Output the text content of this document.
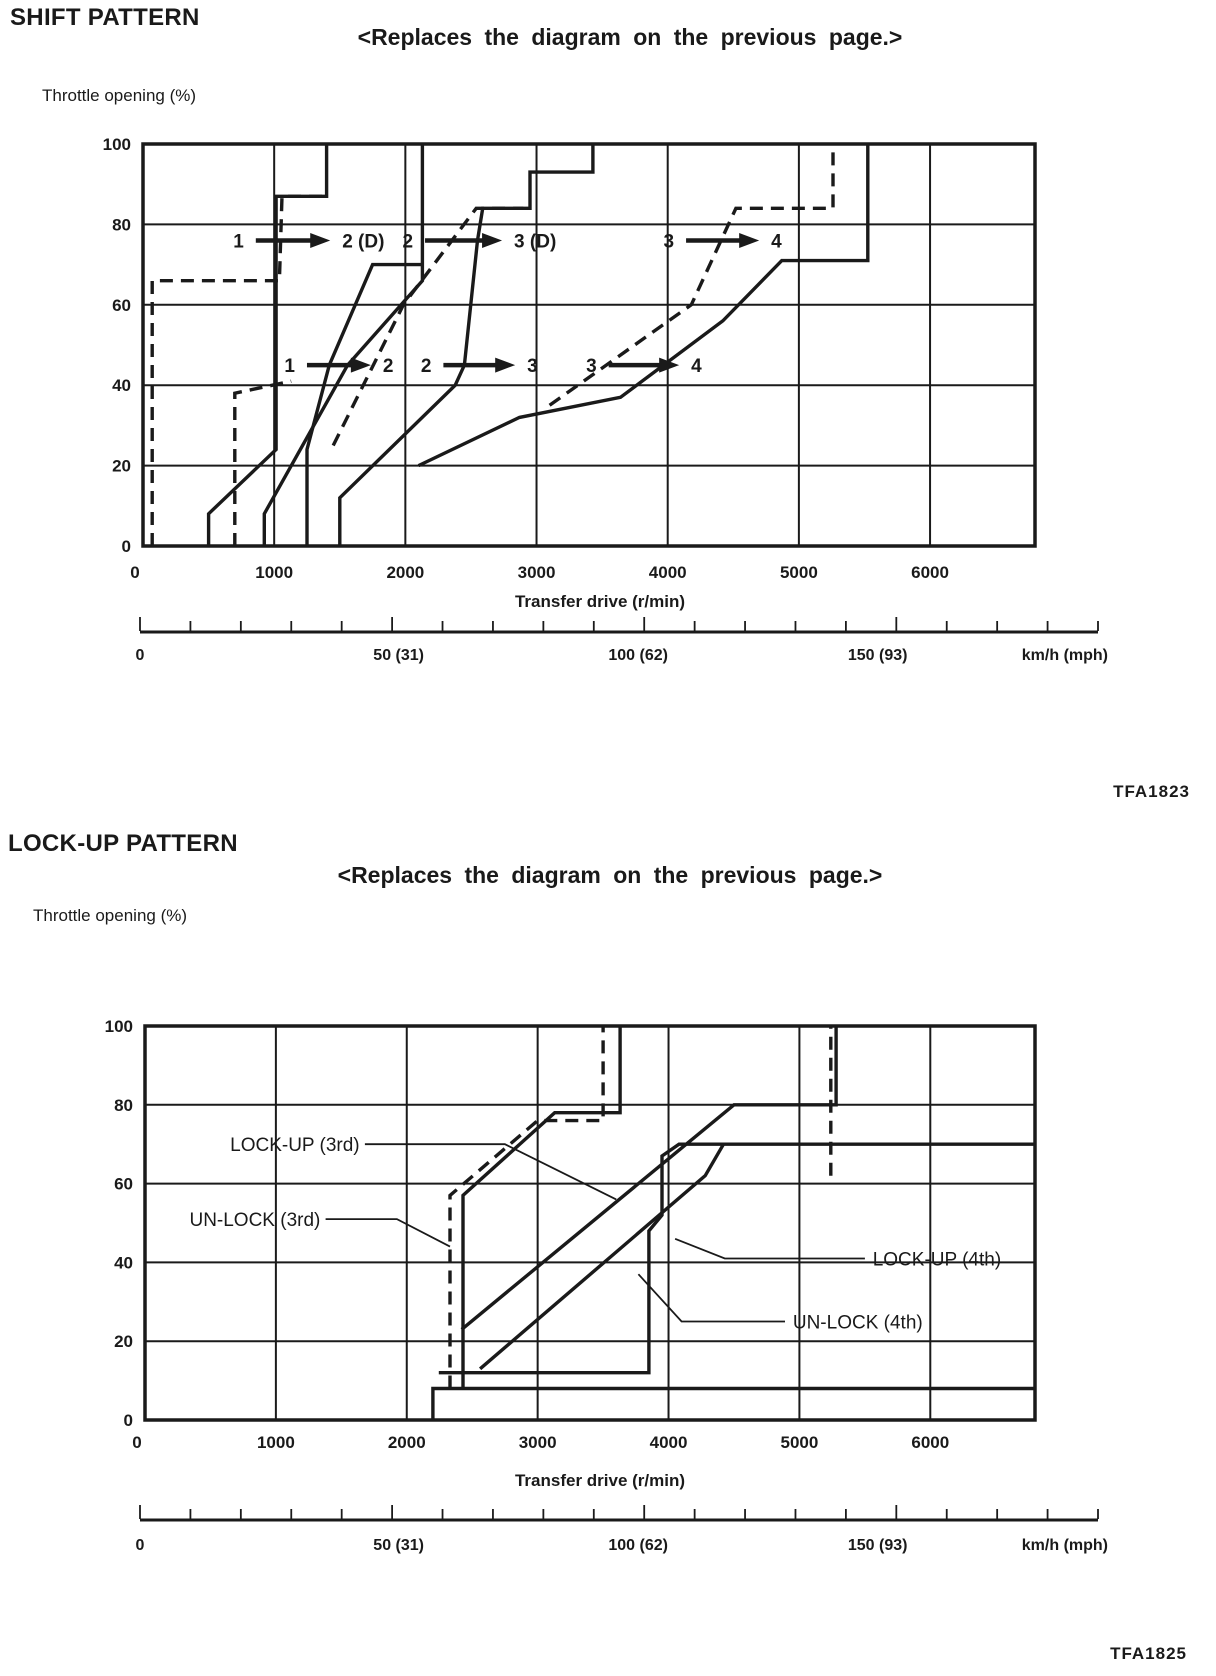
SHIFT PATTERN
<Replaces the diagram on the previous page.>
Throttle opening (%)
0
20
40
60
80
100
0	1000	2000	3000	4000	5000	6000
Transfer drive (r/min)
1	2 (D) 2	3 (D)	3	4
1	2 2	3	3	4
0	50 (31)	100 (62)	150 (93)	km/h (mph)
TFA1823
LOCK-UP PATTERN
<Replaces the diagram on the previous page.>
Throttle opening (%)
0
20
40
60
80
100
0	1000	2000	3000	4000	5000	6000
Transfer drive (r/min)
LOCK-UP (3rd)
UN-LOCK (3rd)
LOCK-UP (4th)
UN-LOCK (4th)
0	50 (31)	100 (62)	150 (93)	km/h (mph)
TFA1825
